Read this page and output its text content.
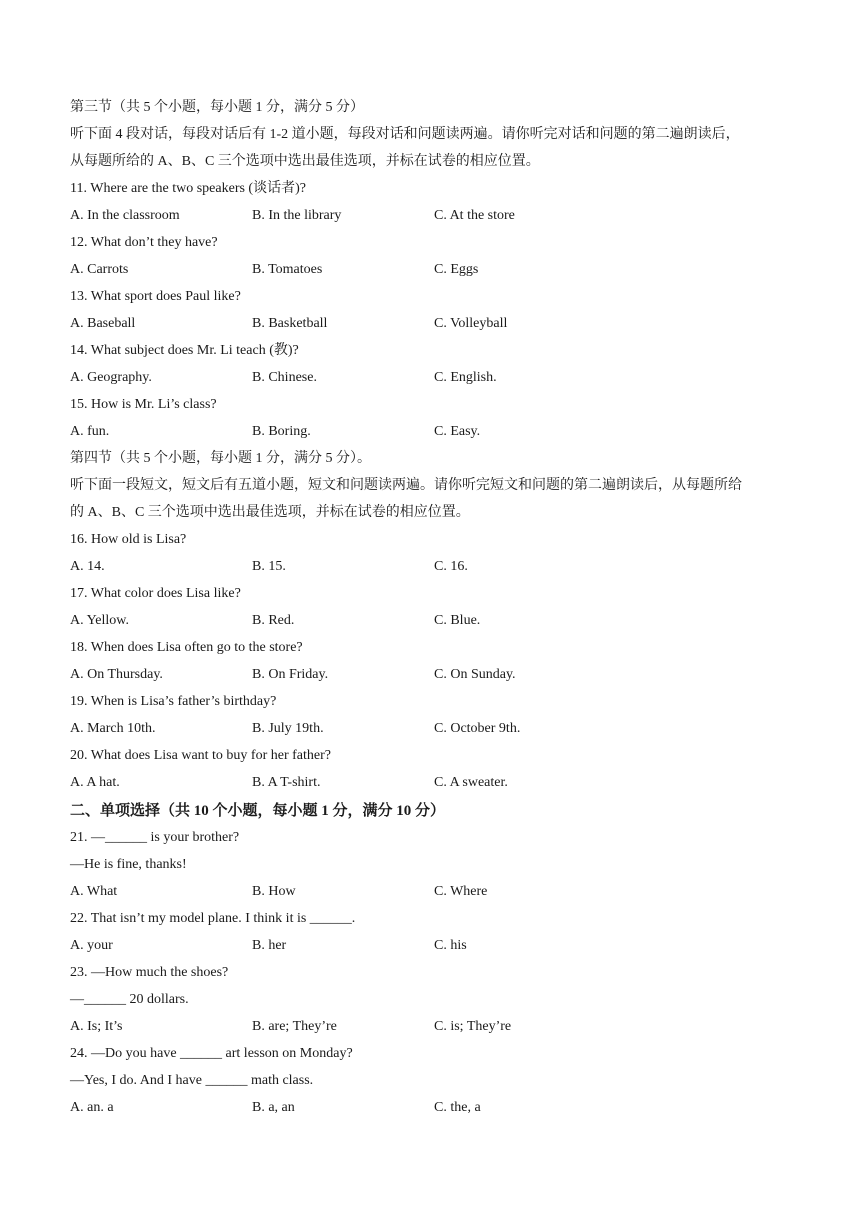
第三节（共 5 个小题，每小题 1 分，满分 5 分）
听下面 4 段对话，每段对话后有 1-2 道小题，每段对话和问题读两遍。请你听完对话和问题的第二遍朗读后，
从每题所给的 A、B、C 三个选项中选出最佳选项，并标在试卷的相应位置。
11. Where are the two speakers (谈话者)?
A. In the classroom	B. In the library	C. At the store
12. What don’t they have?
A. Carrots	B. Tomatoes	C. Eggs
13. What sport does Paul like?
A. Baseball	B. Basketball	C. Volleyball
14. What subject does Mr. Li teach (教)?
A. Geography.	B. Chinese.	C. English.
15. How is Mr. Li’s class?
A. fun.	B. Boring.	C. Easy.
第四节（共 5 个小题，每小题 1 分，满分 5 分）。
听下面一段短文，短文后有五道小题，短文和问题读两遍。请你听完短文和问题的第二遍朗读后，从每题所给
的 A、B、C 三个选项中选出最佳选项，并标在试卷的相应位置。
16. How old is Lisa?
A. 14.	B. 15.	C. 16.
17. What color does Lisa like?
A. Yellow.	B. Red.	C. Blue.
18. When does Lisa often go to the store?
A. On Thursday.	B. On Friday.	C. On Sunday.
19. When is Lisa’s father’s birthday?
A. March 10th.	B. July 19th.	C. October 9th.
20. What does Lisa want to buy for her father?
A. A hat.	B. A T-shirt.	C. A sweater.
二、单项选择（共 10 个小题，每小题 1 分，满分 10 分）
21. —______ is your brother?
—He is fine, thanks!
A. What	B. How	C. Where
22. That isn’t my model plane. I think it is ______.
A. your	B. her	C. his
23. —How much the shoes?
—______ 20 dollars.
A. Is; It’s	B. are; They’re	C. is; They’re
24. —Do you have ______ art lesson on Monday?
—Yes, I do. And I have ______ math class.
A. an. a	B. a, an	C. the, a
